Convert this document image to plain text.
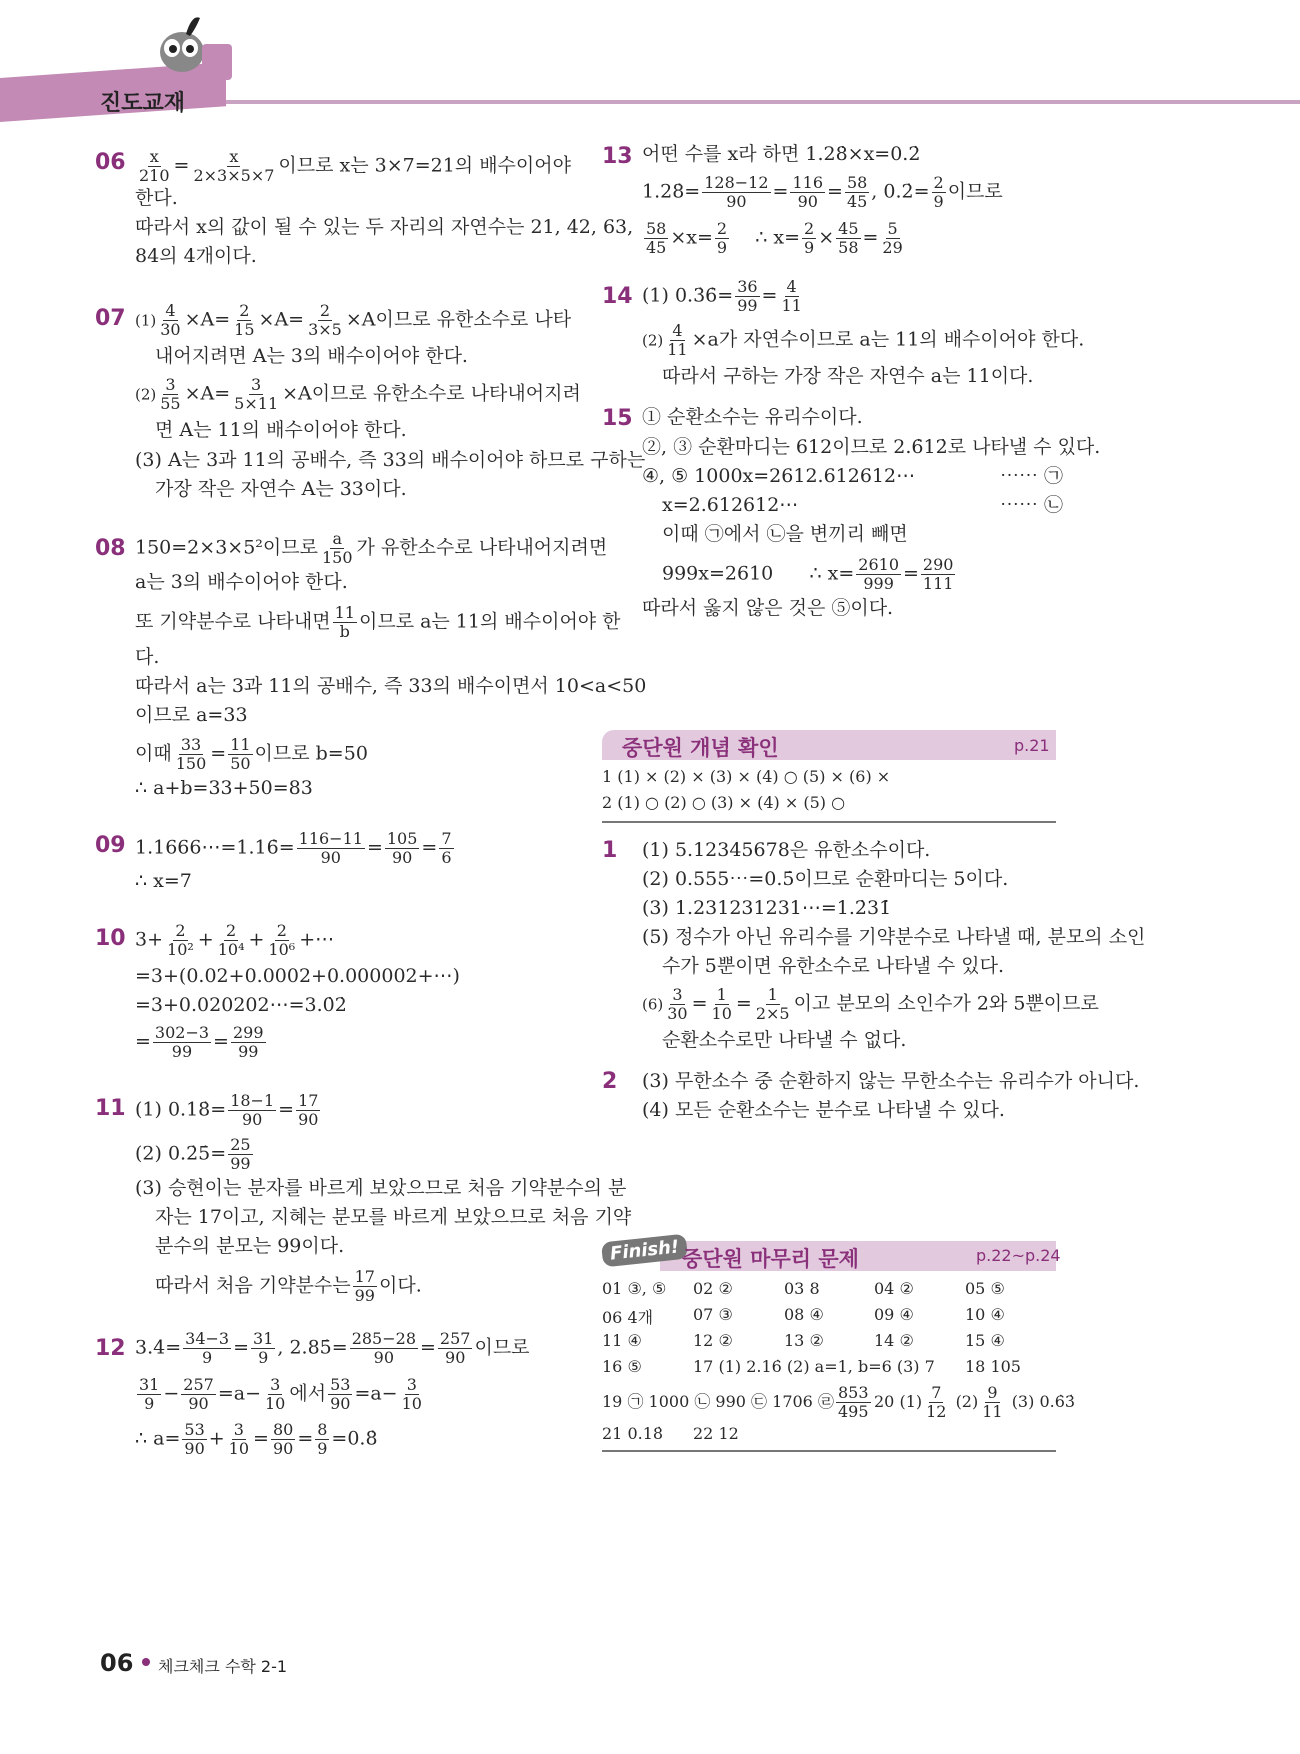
진도교재
$06 \frac{x}{210} = \frac{x}{2\times 3\times 5\times 7}$ 이므로 x는 3×7=21의 배수이어야
한다.
따라서 x의 값이 될 수 있는 두 자리의 자연수는 21, 42, 63,
84의 4개이다.
07 $(1) \frac{4}{30} \times A= \frac{2}{15} \times A= \frac{2}{3\times 5} \times A$이므로 유한소수로 나타
내어지려면 A는 3의 배수이어야 한다.
$(2) \frac{3}{55} \times A= \frac{3}{5\times 11} \times A$이므로 유한소수로 나타내어지려
면 A는 11의 배수이어야 한다.
(3) A는 3과 11의 공배수, 즉 33의 배수이어야 하므로 구하는
가장 작은 자연수 A는 33이다.
08 150=2×3×5²이므로 $\frac{a}{150}$ 가 유한소수로 나타내어지려면
a는 3의 배수이어야 한다.
또 기약분수로 나타내면 $\frac{11}{b}$ 이므로 a는 11의 배수이어야 한
다.
따라서 a는 3과 11의 공배수, 즉 33의 배수이면서 10<a<50
이므로 a=33
이때 $\frac{33}{150} = \frac{11}{50}$ 이므로 b=50
∴ a+b=33+50=83
09 1.1666⋯=1.16̇= $\frac{116-11}{90} = \frac{105}{90} = \frac{7}{6}$
∴ x=7
10 $3+ \frac{2}{\text{10²}} + \frac{2}{\text{10⁴}} + \frac{2}{\text{10⁶}}$ +⋯
=3+(0.02+0.0002+0.000002+⋯)
=3+0.020202⋯=3.0̇2̇
= $\frac{302-3}{99} = \frac{299}{99}$
11 (1) 0.18̇= $\frac{18-1}{90} = \frac{17}{90}$
(2) 0.2̇5̇= $\frac{25}{99}$
(3) 승현이는 분자를 바르게 보았으므로 처음 기약분수의 분
자는 17이고, 지혜는 분모를 바르게 보았으므로 처음 기약
분수의 분모는 99이다.
따라서 처음 기약분수는 $\frac{17}{99}$ 이다.
12 3.4̇= $\frac{34-3}{9} = \frac{31}{9}$ , 2.85̇= $\frac{285-28}{90} = \frac{257}{90}$ 이므로
$\frac{31}{9} - \frac{257}{90} =a- \frac{3}{10}$ 에서 $\frac{53}{90} =a- \frac{3}{10}$
∴ $a= \frac{53}{90} + \frac{3}{10} = \frac{80}{90} = \frac{8}{9}$ =0.8̇
13 어떤 수를 x라 하면 1.28̇×x=0.2̇
1.28̇= $\frac{128-12}{90} = \frac{116}{90} = \frac{58}{45}$ , 0.2̇= $\frac{2}{9}$ 이므로
$\frac{58}{45} \times x= \frac{2}{9}$ ∴ $x= \frac{2}{9} \times \frac{45}{58} = \frac{5}{29}$
14 (1) 0.3̇6̇= $\frac{36}{99} = \frac{4}{11}$
$(2) \frac{4}{11} \times a$가 자연수이므로 a는 11의 배수이어야 한다.
따라서 구하는 가장 작은 자연수 a는 11이다.
15 ① 순환소수는 유리수이다.
②, ③ 순환마디는 612이므로 2.6̇12̇로 나타낼 수 있다.
④, ⑤ 1000x=2612.612612⋯	⋯⋯ ㉠
x=2.612612⋯	⋯⋯ ㉡
이때 ㉠에서 ㉡을 변끼리 빼면
999x=2610 ∴ $x= \frac{2610}{999} = \frac{290}{111}$
따라서 옳지 않은 것은 ⑤이다.
중단원 개념 확인	p.21
1 (1) × (2) × (3) × (4) ○ (5) × (6) ×
2 (1) ○ (2) ○ (3) × (4) × (5) ○
1 (1) 5.12345678은 유한소수이다.
(2) 0.555⋯=0.5̇이므로 순환마디는 5이다.
(3) 1.231231231⋯=1.2̇31̇
(5) 정수가 아닌 유리수를 기약분수로 나타낼 때, 분모의 소인
수가 5뿐이면 유한소수로 나타낼 수 있다.
$(6) \frac{3}{30} = \frac{1}{10} = \frac{1}{2\times 5}$ 이고 분모의 소인수가 2와 5뿐이므로
순환소수로만 나타낼 수 없다.
2 (3) 무한소수 중 순환하지 않는 무한소수는 유리수가 아니다.
(4) 모든 순환소수는 분수로 나타낼 수 있다.
Finish! 중단원 마무리 문제	p.22~p.24
01 ③, ⑤ 02 ②	03 8	04 ②	05 ⑤
06 4개 07 ③	08 ④	09 ④	10 ④
11 ④	12 ②	13 ②	14 ②	15 ④
16 ⑤	17 (1) 2.16̇ (2) a=1, b=6 (3) 7 18 105
19 ㉠ 1000 ㉡ 990 ㉢ 1706 ㉣ $\frac{853}{495} 20$ $(1) \frac{7}{12} (2) \frac{9}{11} (3)$ 0.6̇3̇
21 0.18̇ 22 12
06 체크체크 수학 2-1
